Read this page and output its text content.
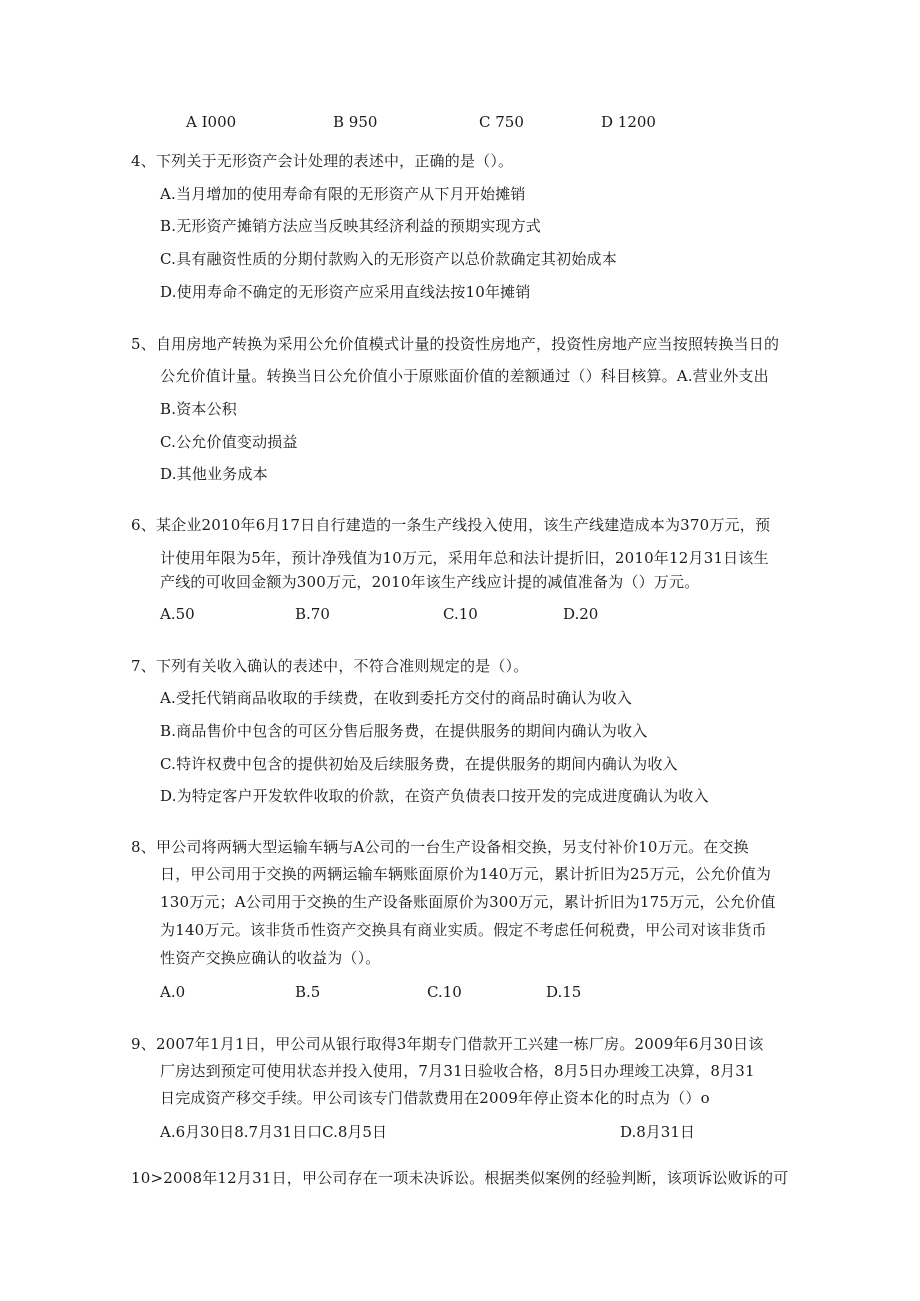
A I000	B 950	C 750	D 1200
4、下列关于无形资产会计处理的表述中，正确的是（）。
A.当月增加的使用寿命有限的无形资产从下月开始摊销
B.无形资产摊销方法应当反映其经济利益的预期实现方式
C.具有融资性质的分期付款购入的无形资产以总价款确定其初始成本
D.使用寿命不确定的无形资产应采用直线法按10年摊销
5、自用房地产转换为采用公允价值模式计量的投资性房地产，投资性房地产应当按照转换当日的
公允价值计量。转换当日公允价值小于原账面价值的差额通过（）科目核算。A.营业外支出
B.资本公积
C.公允价值变动损益
D.其他业务成本
6、某企业2010年6月17日自行建造的一条生产线投入使用，该生产线建造成本为370万元，预
计使用年限为5年，预计净残值为10万元，采用年总和法计提折旧，2010年12月31日该生
产线的可收回金额为300万元，2010年该生产线应计提的减值准备为（）万元。
A.50	B.70	C.10	D.20
7、下列有关收入确认的表述中，不符合准则规定的是（）。
A.受托代销商品收取的手续费，在收到委托方交付的商品时确认为收入
B.商品售价中包含的可区分售后服务费，在提供服务的期间内确认为收入
C.特许权费中包含的提供初始及后续服务费，在提供服务的期间内确认为收入
D.为特定客户开发软件收取的价款，在资产负债表口按开发的完成进度确认为收入
8、甲公司将两辆大型运输车辆与A公司的一台生产设备相交换，另支付补价10万元。在交换
日，甲公司用于交换的两辆运输车辆账面原价为140万元，累计折旧为25万元，公允价值为
130万元；A公司用于交换的生产设备账面原价为300万元，累计折旧为175万元，公允价值
为140万元。该非货币性资产交换具有商业实质。假定不考虑任何税费，甲公司对该非货币
性资产交换应确认的收益为（）。
A.0	B.5	C.10	D.15
9、2007年1月1日，甲公司从银行取得3年期专门借款开工兴建一栋厂房。2009年6月30日该
厂房达到预定可使用状态并投入使用，7月31日验收合格，8月5日办理竣工决算，8月31
日完成资产移交手续。甲公司该专门借款费用在2009年停止资本化的时点为（）o
A.6月30日8.7月31日口C.8月5日	D.8月31日
10>2008年12月31日，甲公司存在一项未决诉讼。根据类似案例的经验判断，该项诉讼败诉的可
